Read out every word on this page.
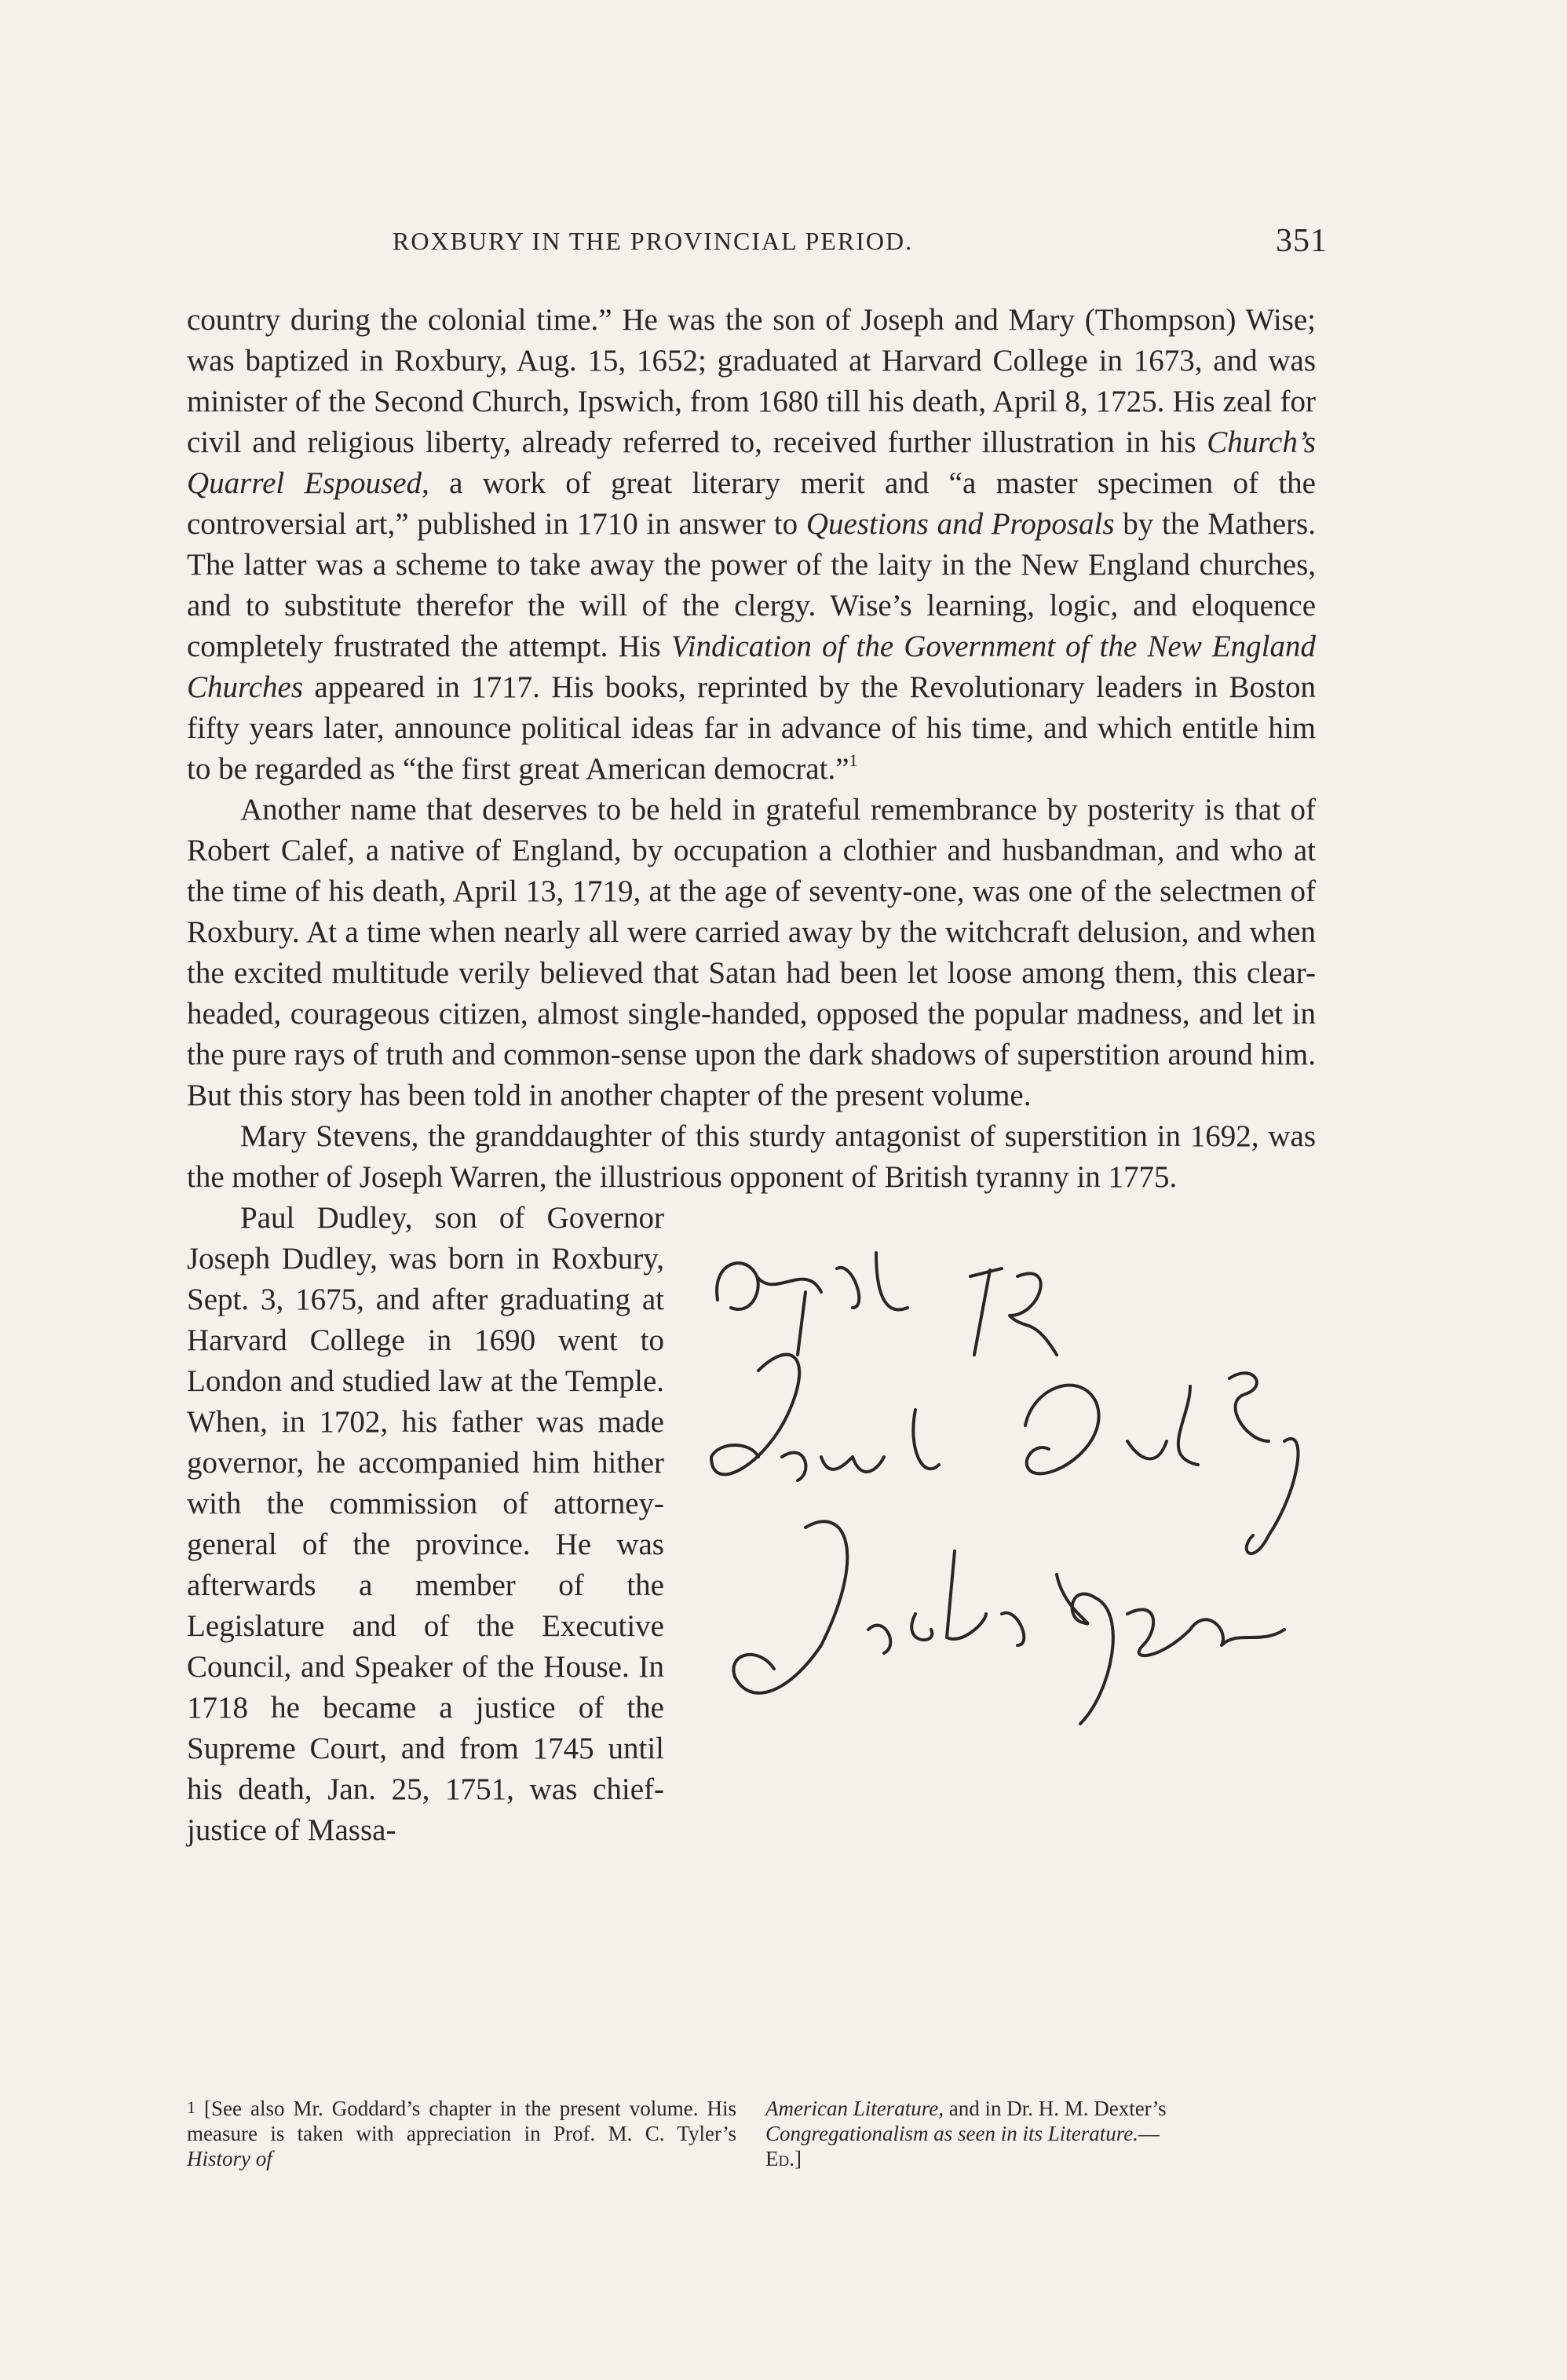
ROXBURY IN THE PROVINCIAL PERIOD.	351

country during the colonial time.” He was the son of Joseph and Mary (Thompson) Wise; was baptized in Roxbury, Aug. 15, 1652; graduated at Harvard College in 1673, and was minister of the Second Church, Ipswich, from 1680 till his death, April 8, 1725. His zeal for civil and religious liberty, already referred to, received further illustration in his Church’s Quarrel Espoused, a work of great literary merit and “a master specimen of the controversial art,” published in 1710 in answer to Questions and Proposals by the Mathers. The latter was a scheme to take away the power of the laity in the New England churches, and to substitute therefor the will of the clergy. Wise’s learning, logic, and eloquence completely frustrated the attempt. His Vindication of the Government of the New England Churches appeared in 1717. His books, reprinted by the Revolutionary leaders in Boston fifty years later, announce political ideas far in advance of his time, and which entitle him to be regarded as “the first great American democrat.”$^1$

Another name that deserves to be held in grateful remembrance by posterity is that of Robert Calef, a native of England, by occupation a clothier and husbandman, and who at the time of his death, April 13, 1719, at the age of seventy-one, was one of the selectmen of Roxbury. At a time when nearly all were carried away by the witchcraft delusion, and when the excited multitude verily believed that Satan had been let loose among them, this clear-headed, courageous citizen, almost single-handed, opposed the popular madness, and let in the pure rays of truth and common-sense upon the dark shadows of superstition around him. But this story has been told in another chapter of the present volume.

Mary Stevens, the granddaughter of this sturdy antagonist of superstition in 1692, was the mother of Joseph Warren, the illustrious opponent of British tyranny in 1775.

April 1718
Paul Dudley
Justice of peace
Paul Dudley, son of Governor Joseph Dudley, was born in Roxbury, Sept. 3, 1675, and after graduating at Harvard College in 1690 went to London and studied law at the Temple. When, in 1702, his father was made governor, he accompanied him hither with the commission of attorney-general of the province. He was afterwards a member of the Legislature and of the Executive Council, and Speaker of the House. In 1718 he became a justice of the Supreme Court, and from 1745 until his death, Jan. 25, 1751, was chief-justice of Massa-

$^1$ [See also Mr. Goddard’s chapter in the present volume. His measure is taken with appreciation in Prof. M. C. Tyler’s History of

American Literature, and in Dr. H. M. Dexter’s

Congregationalism as seen in its Literature.—

Ed.]
